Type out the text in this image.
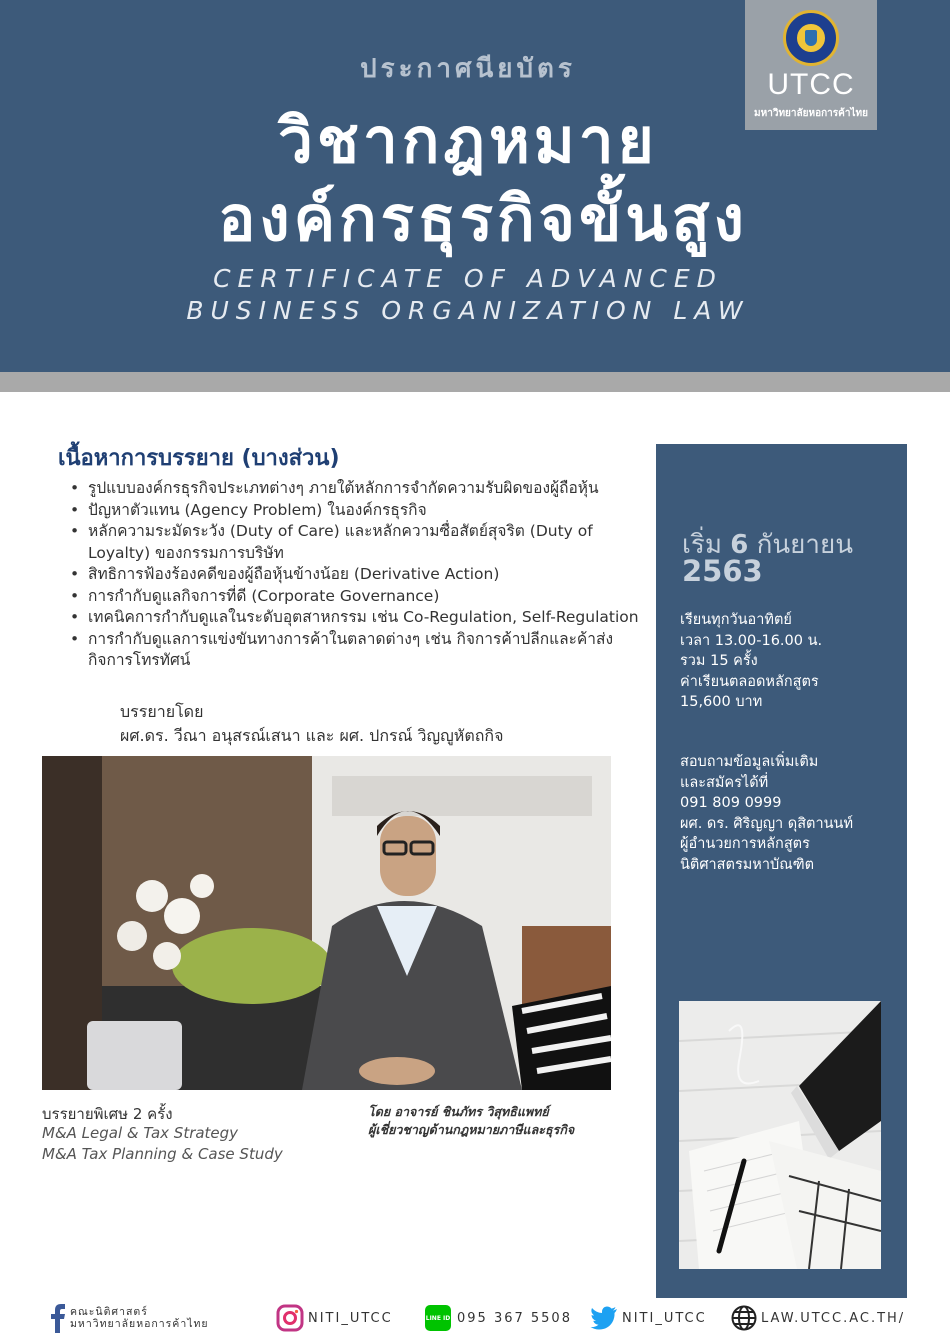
ประกาศนียบัตร
วิชากฎหมาย
องค์กรธุรกิจขั้นสูง
CERTIFICATE OF ADVANCED
BUSINESS ORGANIZATION LAW
UTCC
มหาวิทยาลัยหอการค้าไทย
เนื้อหาการบรรยาย (บางส่วน)
• รูปแบบองค์กรธุรกิจประเภทต่างๆ ภายใต้หลักการจำกัดความรับผิดของผู้ถือหุ้น
• ปัญหาตัวแทน (Agency Problem) ในองค์กรธุรกิจ
• หลักความระมัดระวัง (Duty of Care) และหลักความซื่อสัตย์สุจริต (Duty of Loyalty) ของกรรมการบริษัท
• สิทธิการฟ้องร้องคดีของผู้ถือหุ้นข้างน้อย (Derivative Action)
• การกำกับดูแลกิจการที่ดี (Corporate Governance)
• เทคนิคการกำกับดูแลในระดับอุตสาหกรรม เช่น Co-Regulation, Self-Regulation
• การกำกับดูแลการแข่งขันทางการค้าในตลาดต่างๆ เช่น กิจการค้าปลีกและค้าส่ง กิจการโทรทัศน์
บรรยายโดย
ผศ.ดร. วีณา อนุสรณ์เสนา และ ผศ. ปกรณ์ วิญญูหัตถกิจ
บรรยายพิเศษ 2 ครั้ง
M&A Legal & Tax Strategy
M&A Tax Planning & Case Study
โดย อาจารย์ ชินภัทร วิสุทธิแพทย์
ผู้เชี่ยวชาญด้านกฎหมายภาษีและธุรกิจ
เริ่ม 6 กันยายน
2563
เรียนทุกวันอาทิตย์
เวลา 13.00-16.00 น.
รวม 15 ครั้ง
ค่าเรียนตลอดหลักสูตร
15,600 บาท
สอบถามข้อมูลเพิ่มเติม
และสมัครได้ที่
091 809 0999
ผศ. ดร. ศิริญญา ดุสิตานนท์
ผู้อำนวยการหลักสูตร
นิติศาสตรมหาบัณฑิต
คณะนิติศาสตร์
มหาวิทยาลัยหอการค้าไทย	NITI_UTCC	LINE ID 095 367 5508	NITI_UTCC	LAW.UTCC.AC.TH/
